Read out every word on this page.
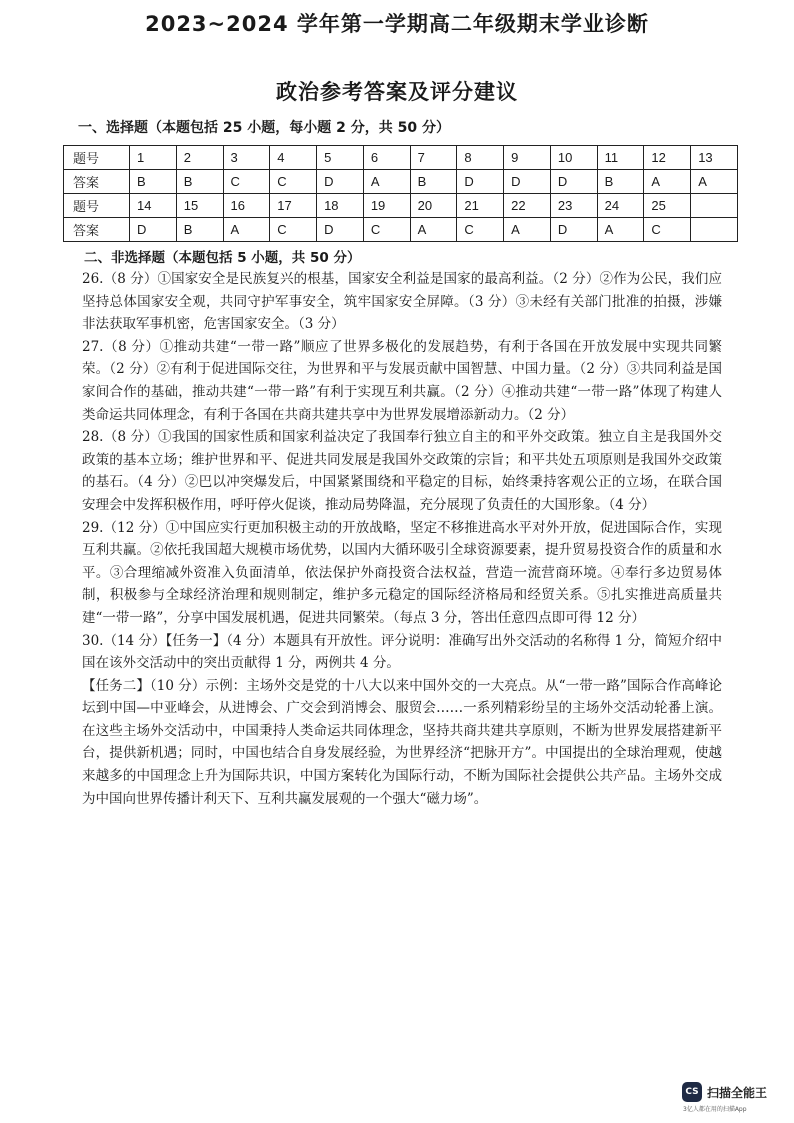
2023~2024 学年第一学期高二年级期末学业诊断
政治参考答案及评分建议
一、选择题（本题包括 25 小题，每小题 2 分，共 50 分）
题号	1	2	3	4	5	6	7	8	9	10	11	12	13
答案	B	B	C	C	D	A	B	D	D	D	B	A	A
题号	14	15	16	17	18	19	20	21	22	23	24	25	
答案	D	B	A	C	D	C	A	C	A	D	A	C	
二、非选择题（本题包括 5 小题，共 50 分）

26.（8 分）①国家安全是民族复兴的根基，国家安全利益是国家的最高利益。（2 分）②作为公民，我们应坚持总体国家安全观，共同守护军事安全，筑牢国家安全屏障。（3 分）③未经有关部门批准的拍摄，涉嫌非法获取军事机密，危害国家安全。（3 分）

27.（8 分）①推动共建“一带一路”顺应了世界多极化的发展趋势，有利于各国在开放发展中实现共同繁荣。（2 分）②有利于促进国际交往，为世界和平与发展贡献中国智慧、中国力量。（2 分）③共同利益是国家间合作的基础，推动共建“一带一路”有利于实现互利共赢。（2 分）④推动共建“一带一路”体现了构建人类命运共同体理念，有利于各国在共商共建共享中为世界发展增添新动力。（2 分）

28.（8 分）①我国的国家性质和国家利益决定了我国奉行独立自主的和平外交政策。独立自主是我国外交政策的基本立场；维护世界和平、促进共同发展是我国外交政策的宗旨；和平共处五项原则是我国外交政策的基石。（4 分）②巴以冲突爆发后，中国紧紧围绕和平稳定的目标，始终秉持客观公正的立场，在联合国安理会中发挥积极作用，呼吁停火促谈，推动局势降温，充分展现了负责任的大国形象。（4 分）

29.（12 分）①中国应实行更加积极主动的开放战略，坚定不移推进高水平对外开放，促进国际合作，实现互利共赢。②依托我国超大规模市场优势，以国内大循环吸引全球资源要素，提升贸易投资合作的质量和水平。③合理缩减外资准入负面清单，依法保护外商投资合法权益，营造一流营商环境。④奉行多边贸易体制，积极参与全球经济治理和规则制定，维护多元稳定的国际经济格局和经贸关系。⑤扎实推进高质量共建“一带一路”，分享中国发展机遇，促进共同繁荣。（每点 3 分，答出任意四点即可得 12 分）

30.（14 分）【任务一】（4 分）本题具有开放性。评分说明：准确写出外交活动的名称得 1 分，简短介绍中国在该外交活动中的突出贡献得 1 分，两例共 4 分。

【任务二】（10 分）示例：主场外交是党的十八大以来中国外交的一大亮点。从“一带一路”国际合作高峰论坛到中国—中亚峰会，从进博会、广交会到消博会、服贸会……一系列精彩纷呈的主场外交活动轮番上演。在这些主场外交活动中，中国秉持人类命运共同体理念，坚持共商共建共享原则，不断为世界发展搭建新平台，提供新机遇；同时，中国也结合自身发展经验，为世界经济“把脉开方”。中国提出的全球治理观，使越来越多的中国理念上升为国际共识，中国方案转化为国际行动，不断为国际社会提供公共产品。主场外交成为中国向世界传播计利天下、互利共赢发展观的一个强大“磁力场”。

CS 扫描全能王
3亿人都在用的扫描App
